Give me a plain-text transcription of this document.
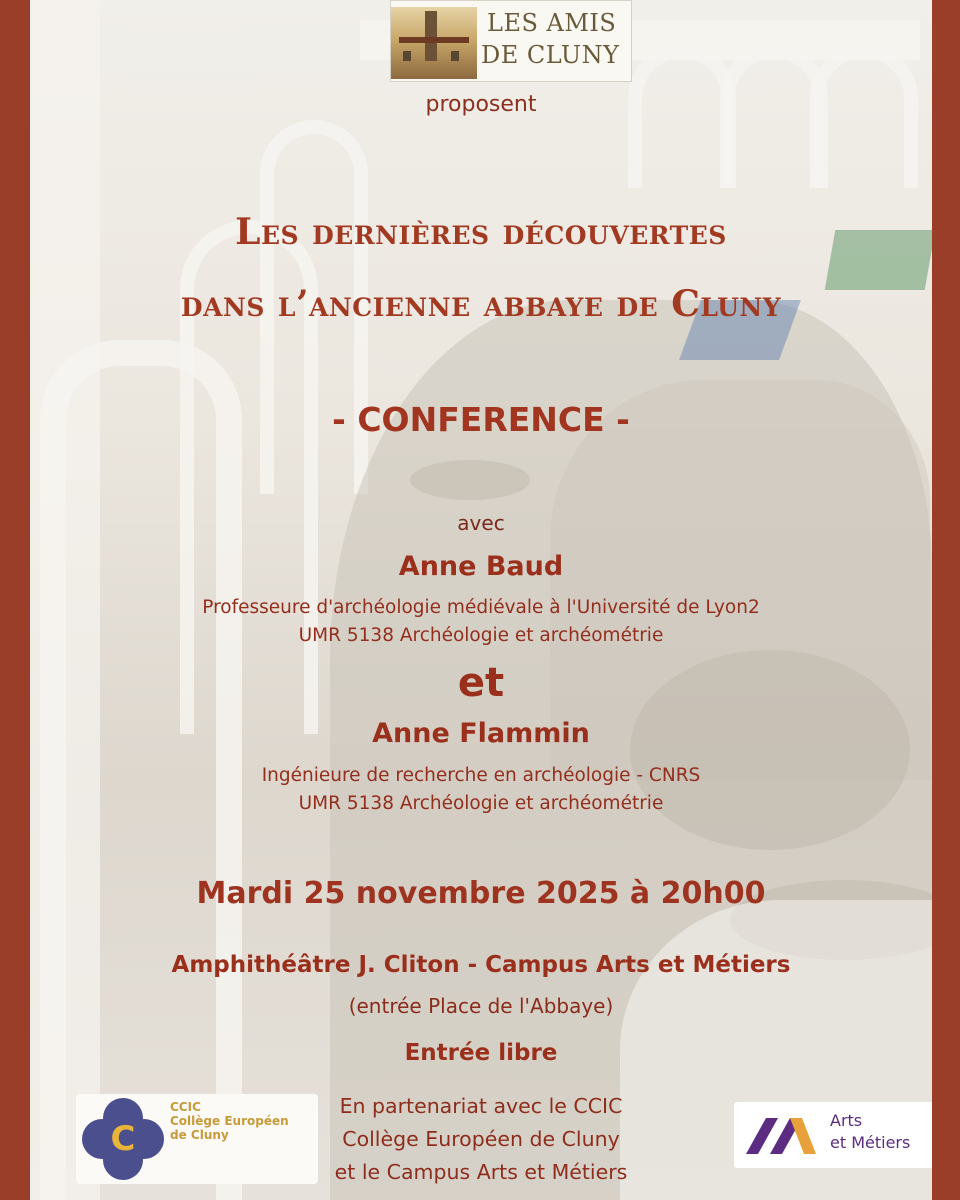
LES AMIS
DE CLUNY
proposent
Les dernières découvertes
dans l’ancienne abbaye de Cluny
- CONFERENCE -
avec
Anne Baud
Professeure d'archéologie médiévale à l'Université de Lyon2
UMR 5138 Archéologie et archéométrie
et
Anne Flammin
Ingénieure de recherche en archéologie - CNRS
UMR 5138 Archéologie et archéométrie
Mardi 25 novembre 2025 à 20h00
Amphithéâtre J. Cliton - Campus Arts et Métiers
(entrée Place de l'Abbaye)
Entrée libre
En partenariat avec le CCIC
Collège Européen de Cluny
et le Campus Arts et Métiers
C
CCIC
Collège Européen
de Cluny
Arts
et Métiers
